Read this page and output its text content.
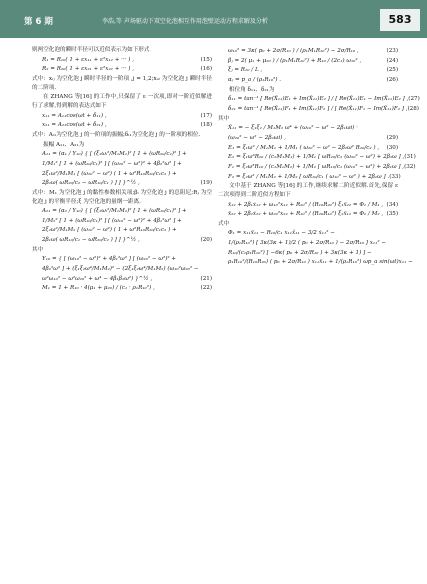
第 6 期	李浩,等 声场驱动下双空化泡相互作用泡壁运动方程求解及分析	583

则两空化泡的瞬时半径可以近似表示为如下形式

R₁ = R₁₀( 1 + εx₁₁ + ε²x₁₂ + ··· ) ,	(15)
R₂ = R₂₀( 1 + εx₂₁ + ε²x₂₂ + ··· ) ,	(16)

式中：xᵢⱼ 为空化泡 j 瞬时半径的一阶项 ,j = 1,2;xᵢ₂ 为空化泡 j 瞬时半径的二阶项.

在 ZHANG 等[16] 的工作中,只保留了 ε 一次项,即对一阶近似解进行了求解,得到解的表达式如下

x₁₁ = A₁₁cos(ωt + δ₁₁) ,	(17)
x₂₁ = A₂₁cos(ωt + δ₂₁) ,	(18)

式中：Aᵢ₁为空化泡 j 的一阶项的振幅;δᵢ₁为空化泡 j 的一阶项的相位.

振幅 A₁₁、A₂₁为

A₁₁ = (α₁ / Y₁₀) { [ (ξ₁ωᵢ²/M₁M₁)² [ 1 + (ωR₂₀/c₂)² ] +
1/M₁² [ 1 + (ωR₂₀/c₁)² ] [ (ω₂₀² − ω²)² + 4β₂²ω² ] +
2ξ₁ω²/M₁M₁ [ (ω₂₀² − ω²) ( 1 + ω²R₁₀R₂₀/c₁c₂ ) +
2β₂ω( ωR₂₀/c₂ − ωR₁₀/c₁ ) ] ] }^½ ,	(19)

式中：M₁ 为空化泡 j 的黏性参数相关项;βᵢ 为空化泡 j 的总阻尼;Rⱼ 为空化泡 j 的平衡半径;ξ 为空化泡的量纲一距离.

A₂₁ = (α₂ / Y₁₀) { [ (ξ₂ωᵢ²/M₁M₂)² [ 1 + (ωR₁₀/c₁)² ] +
1/M₂² [ 1 + (ωR₁₀/c₁)² ] [ (ω₁₀² − ω²)² + 4β₁²ω² ] +
2ξ₂ω²/M₁M₂ [ (ω₁₀² − ω²) ( 1 + ω²R₁₀R₂₀/c₁c₂ ) +
2β₁ω( ωR₁₀/c₁ − ωR₂₀/c₂ ) ] ] }^½ ,	(20)

其中

Y₁₀ = { [ (ω₁₀² − ω²)² + 4β₁²ω² ] [ (ω₂₀² − ω²)² +
4β₂²ω² ] + (ξ₁ξ₂ω⁴/M₁M₂)² − (2ξ₁ξ₂ω⁴/M₁M₂) (ω₁₀²ω₂₀² −
ω²ω₁₀² − ω²ω₂₀² + ω⁴ − 4β₁β₂ω²) }^½ ,	(21)
M₁ = 1 + R₁₀ · 4(μ₁ + μ₂₀) / (c₁ · ρ₁R₁₀²) ,	(22)
ω₁₀² = 3κ( p₀ + 2σ/R₁₀ ) / (ρ₁M₁R₁₀²) − 2σ/R₁₀ ,	(23)
βⱼ = 2( μ₁ + μ₂₀ ) / (ρ₁M₁R₁₀²) + R₁₀ / (2c₁) ω₁₀² ,	(24)
ξⱼ = R₁₀ / L ,	(25)
αⱼ = p_a / (ρ₁R₁₀²) .	(26)

相位角 δ₁₁、δ₂₁为

δ₁₁ = tan⁻¹ [ Re(X̃₁₁)E₁ + Im(X̃₁₁)E₂ ] / [ Re(X̃₁₁)E₁ − Im(X̃₁₁)E₂ ] , (27)
δ₂₁ = tan⁻¹ [ Re(X̃₁₁)F₁ + Im(X̃₁₁)F₂ ] / [ Re(X̃₁₁)F₁ − Im(X̃₁₁)F₂ ] , (28)

其中

X̃₁₁ = − ξ₁ξ₂ / M₁M₂ ω⁴ + (ω₁₀² − ω² − 2β₁ωi) ·
(ω₂₀² − ω² − 2β₂ωi) ,	(29)
E₁ = ξ₁ω² / M₁M₁ + 1/M₁ ( ω₂₀² − ω² − 2β₂ω² R₂₀/c₂ ) , (30)
E₂ = ξ₁ω³R₂₀ / (c₂M₁M₁) + 1/M₁ [ ωR₂₀/c₂ (ω₂₀² − ω²) + 2β₂ω ] , (31)
F₁ = ξ₂ω³R₁₀ / (c₁M₁M₂) + 1/M₂ [ ωR₁₀/c₁ (ω₁₀² − ω²) + 2β₁ω ] , (32)
F₂ = ξ₂ω² / M₁M₂ + 1/M₂ [ ωR₁₀/c₁ ( ω₁₀² − ω² ) + 2β₁ω ] . (33)

文中基于 ZHANG 等[16] 的工作,继续求解二阶近似解.首先,保留 ε 二次项得到二阶近似方程如下

ẍ₁₂ + 2β₁ẋ₁₂ + ω₁₀²x₁₂ + R₂₀³ / (R₁₀R₂₀²) ξ₁ẍ₂₂ = Φ₁ / M₁ , (34)
ẍ₂₂ + 2β₂ẋ₂₂ + ω₂₀²x₂₂ + R₁₀³ / (R₂₀R₁₀²) ξ₂ẍ₁₂ = Φ₂ / M₂ , (35)

式中

Φ₁ = x₁₁ẍ₁₁ − R₁₀/c₁ x₁₁x̃₁₁ − 3/2 ẋ₁₁² −
1/(ρ₁R₁₀²) [ 3κ(3κ + 1)/2 ( p₀ + 2σ/R₁₀ ) − 2σ/R₁₀ ] x₁₁² −
R₁₀/(c₁ρ₁R₁₀²) [ −6κ( p₀ + 2σ/R₁₀ ) + 3κ(3κ + 1) ] −
ρ₁R₁₀²/(R₁₀R₂₀) ( p₀ + 2σ/R₁₀ ) x₁₁ẍ₁₁ + 1/(ρ₁R₁₀²) ωp_a sin(ωt)x₁₁ −
